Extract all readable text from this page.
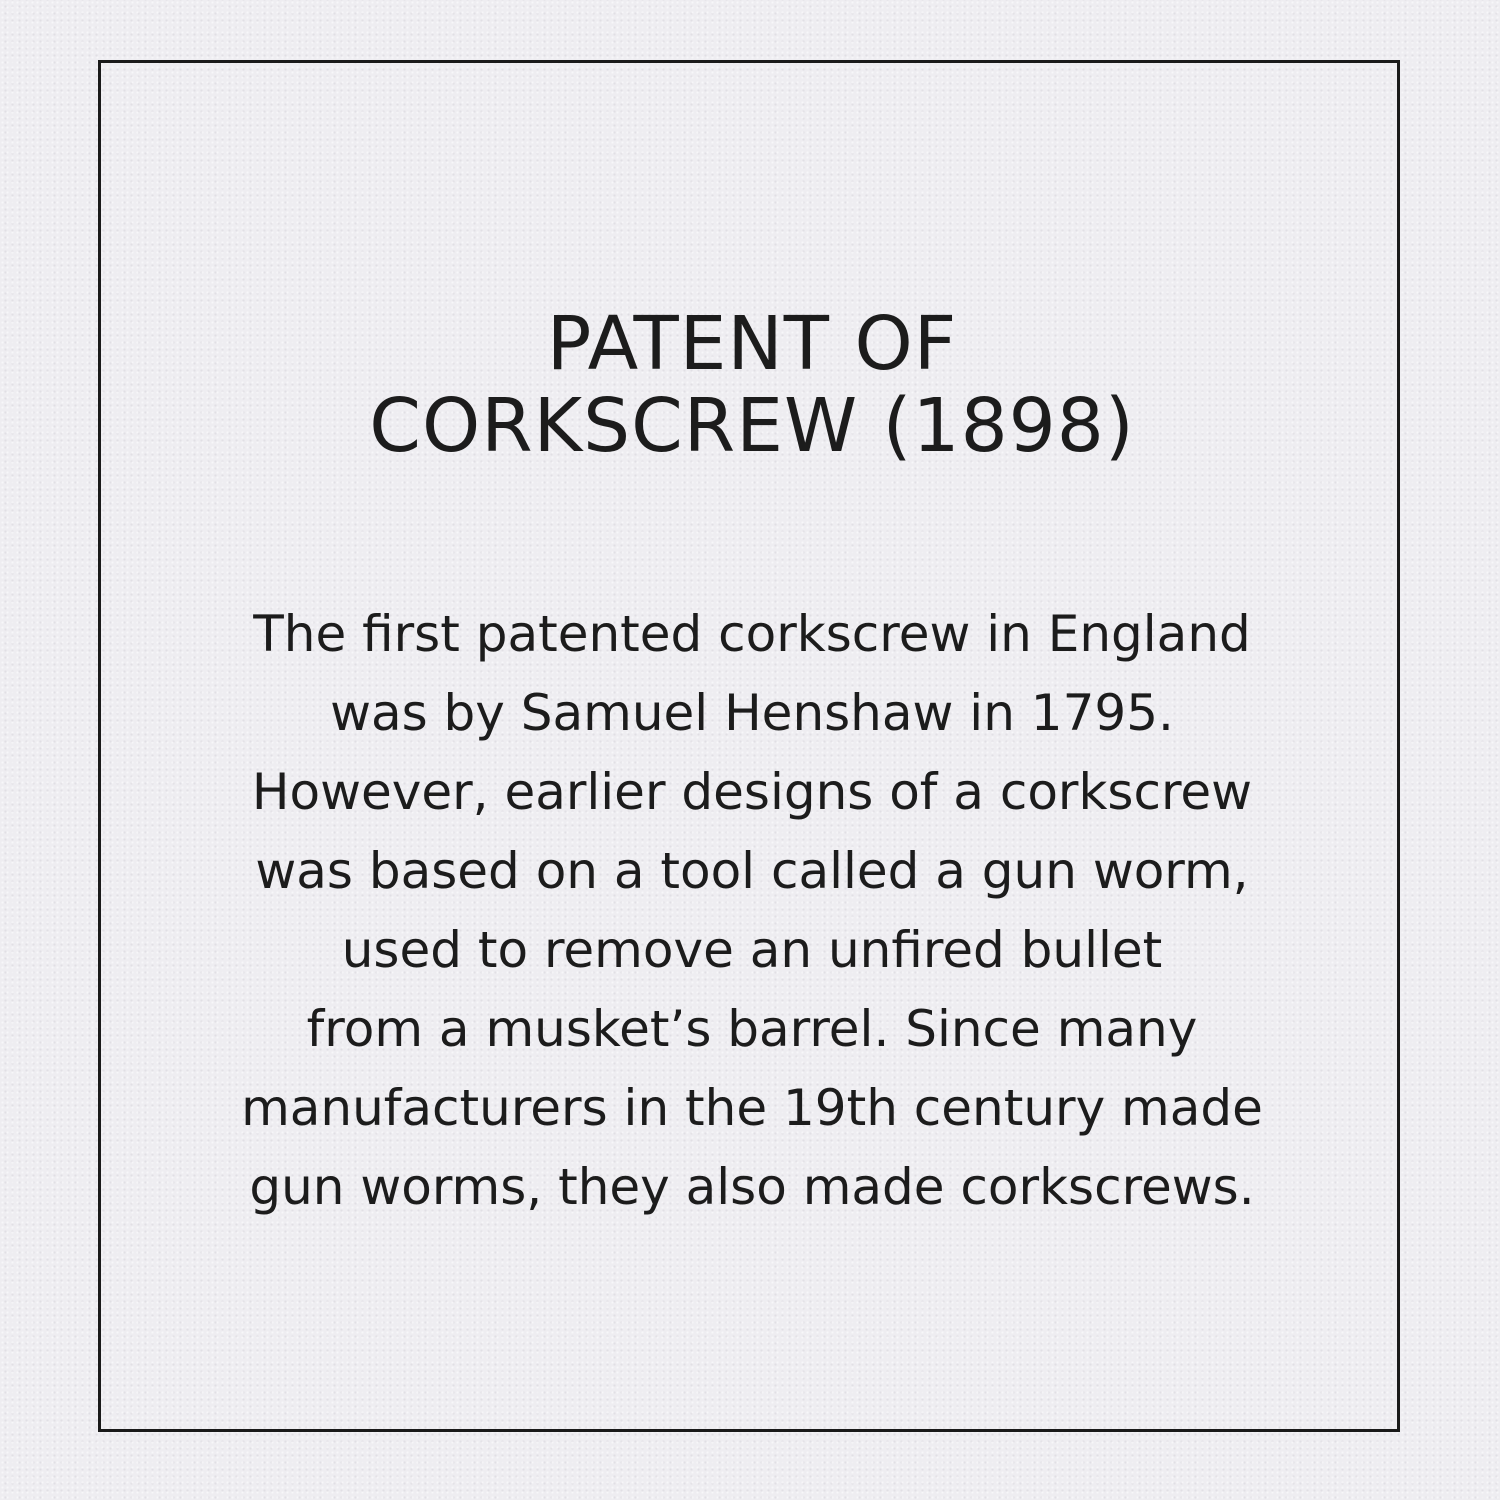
PATENT OF
CORKSCREW (1898)

The first patented corkscrew in England
was by Samuel Henshaw in 1795.
However, earlier designs of a corkscrew
was based on a tool called a gun worm,
used to remove an unfired bullet
from a musket’s barrel. Since many
manufacturers in the 19th century made
gun worms, they also made corkscrews.
